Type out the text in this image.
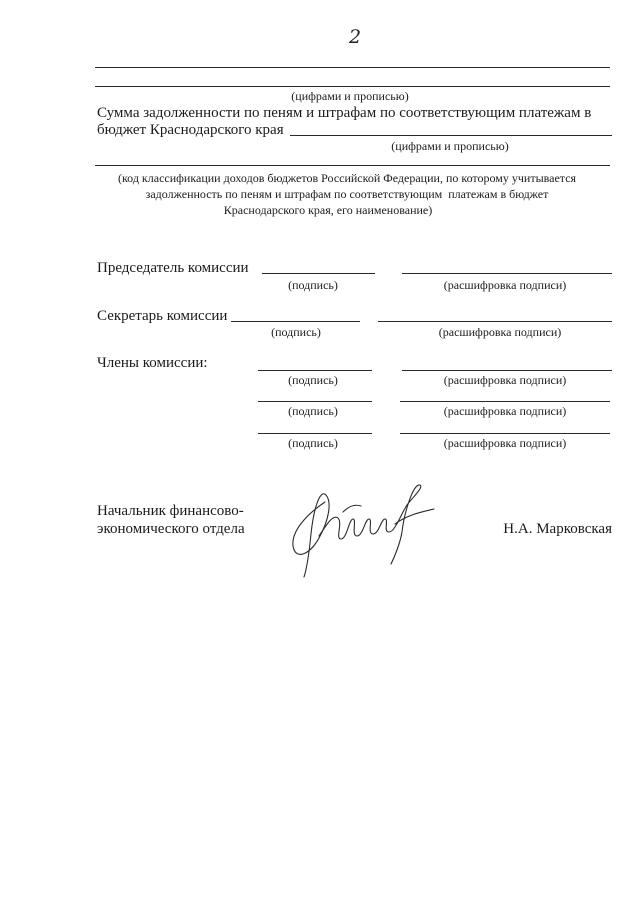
2
(цифрами и прописью)
Сумма задолженности по пеням и штрафам по соответствующим платежам в
бюджет Краснодарского края
(цифрами и прописью)
(код классификации доходов бюджетов Российской Федерации, по которому учитывается
задолженность по пеням и штрафам по соответствующим  платежам в бюджет
Краснодарского края, его наименование)
Председатель комиссии
(подпись)	(расшифровка подписи)
Секретарь комиссии
(подпись)	(расшифровка подписи)
Члены комиссии:
(подпись)	(расшифровка подписи)
(подпись)	(расшифровка подписи)
(подпись)	(расшифровка подписи)
Начальник финансово-
экономического отдела	Н.А. Марковская
